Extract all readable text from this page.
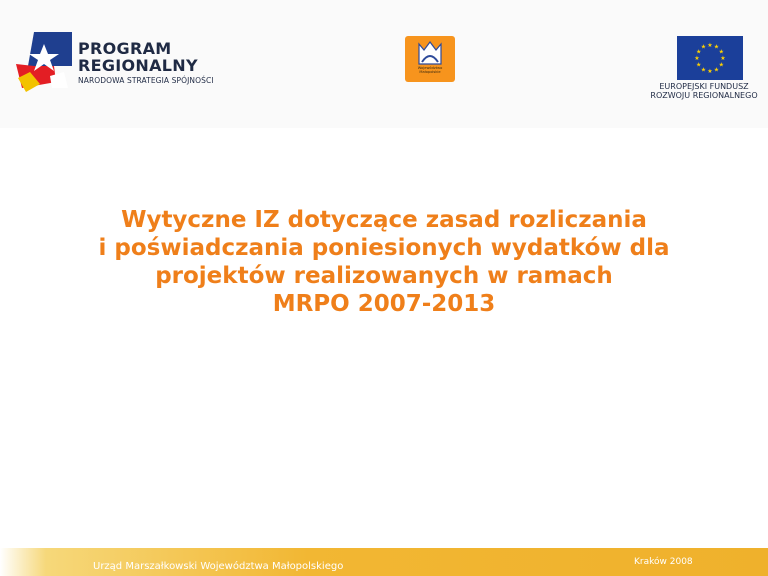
PROGRAM
REGIONALNY
NARODOWA STRATEGIA SPÓJNOŚCI
Województwo Małopolskie
★ ★
★
★
★
★
★
★
★
★
★
★
EUROPEJSKI FUNDUSZ
ROZWOJU REGIONALNEGO
Wytyczne IZ dotyczące zasad rozliczania
i poświadczania poniesionych wydatków dla
projektów realizowanych w ramach
MRPO 2007-2013
Urząd Marszałkowski Województwa Małopolskiego	Kraków 2008
